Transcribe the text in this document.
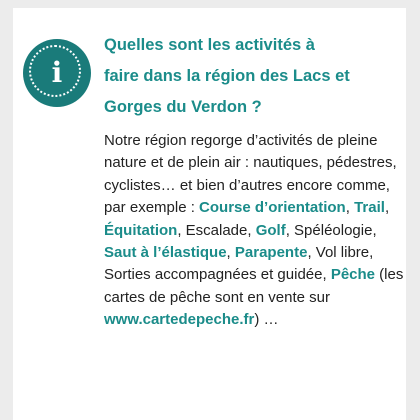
i
Quelles sont les activités à
faire dans la région des Lacs et
Gorges du Verdon ?

Notre région regorge d’activités de pleine nature et de plein air : nautiques, pédestres, cyclistes… et bien d’autres encore comme, par exemple : Course d’orientation, Trail, Équitation, Escalade, Golf, Spéléologie, Saut à l’élastique, Parapente, Vol libre, Sorties accompagnées et guidée, Pêche (les cartes de pêche sont en vente sur www.cartedepeche.fr) …
